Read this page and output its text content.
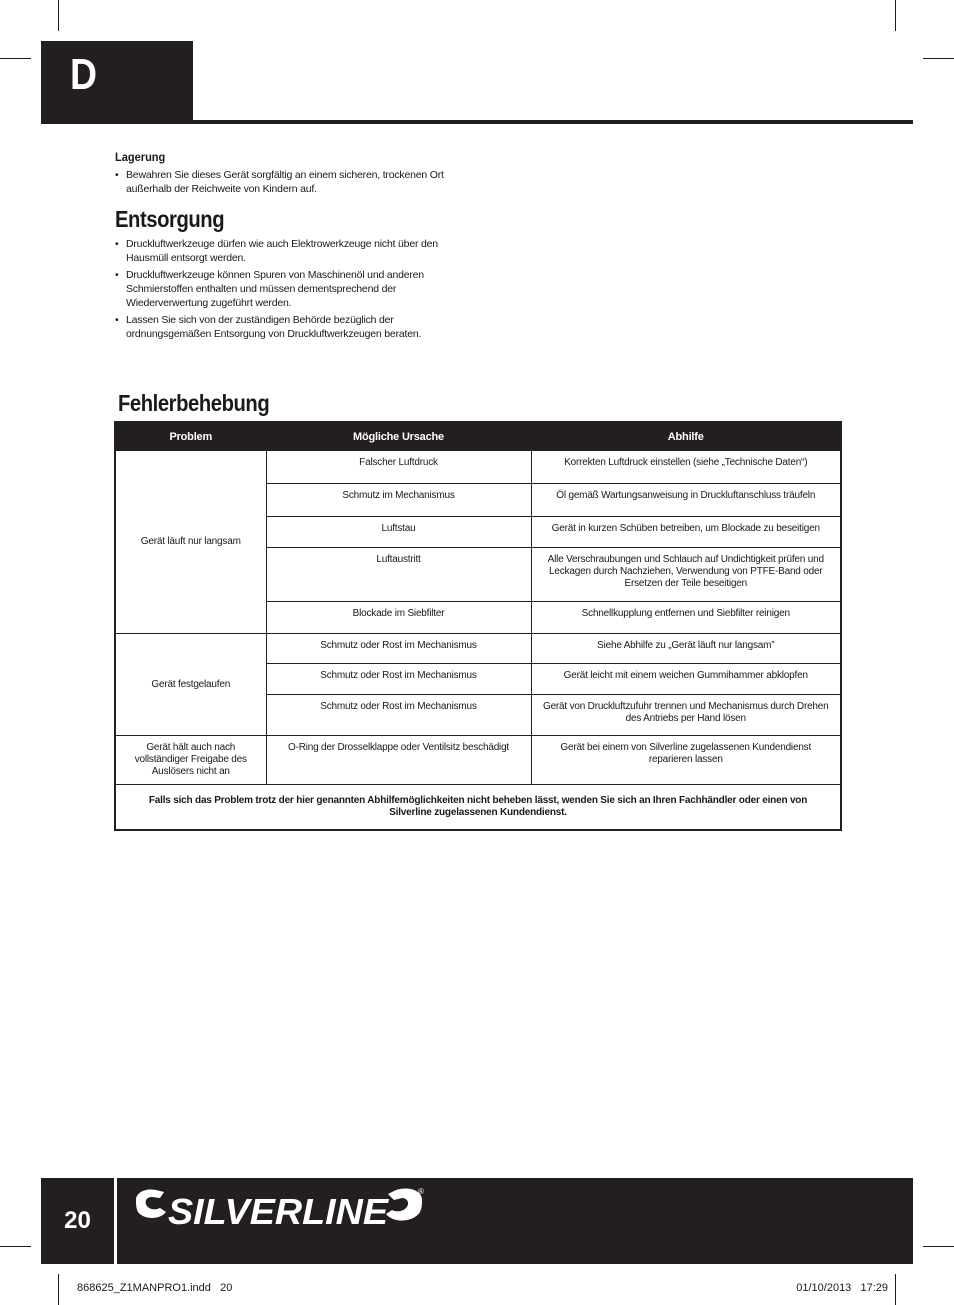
D

Lagerung

• Bewahren Sie dieses Gerät sorgfältig an einem sicheren, trockenen Ort außerhalb der Reichweite von Kindern auf.
Entsorgung
• Druckluftwerkzeuge dürfen wie auch Elektrowerkzeuge nicht über den Hausmüll entsorgt werden.
• Druckluftwerkzeuge können Spuren von Maschinenöl und anderen Schmierstoffen enthalten und müssen dementsprechend der Wiederverwertung zugeführt werden.
• Lassen Sie sich von der zuständigen Behörde bezüglich der ordnungsgemäßen Entsorgung von Druckluftwerkzeugen beraten.
Fehlerbehebung
Problem	Mögliche Ursache	Abhilfe
Gerät läuft nur langsam	Falscher Luftdruck	Korrekten Luftdruck einstellen (siehe „Technische Daten“)
	Schmutz im Mechanismus	Öl gemäß Wartungsanweisung in Druckluftanschluss träufeln
	Luftstau	Gerät in kurzen Schüben betreiben, um Blockade zu beseitigen
	Luftaustritt	Alle Verschraubungen und Schlauch auf Undichtigkeit prüfen und Leckagen durch Nachziehen, Verwendung von PTFE-Band oder Ersetzen der Teile beseitigen
	Blockade im Siebfilter	Schnellkupplung entfernen und Siebfilter reinigen
Gerät festgelaufen	Schmutz oder Rost im Mechanismus	Siehe Abhilfe zu „Gerät läuft nur langsam”
	Schmutz oder Rost im Mechanismus	Gerät leicht mit einem weichen Gummihammer abklopfen
	Schmutz oder Rost im Mechanismus	Gerät von Druckluftzufuhr trennen und Mechanismus durch Drehen des Antriebs per Hand lösen
Gerät hält auch nach vollständiger Freigabe des Auslösers nicht an	O-Ring der Drosselklappe oder Ventilsitz beschädigt	Gerät bei einem von Silverline zugelassenen Kundendienst reparieren lassen
Falls sich das Problem trotz der hier genannten Abhilfemöglichkeiten nicht beheben lässt, wenden Sie sich an Ihren Fachhändler oder einen von Silverline zugelassenen Kundendienst.		
20	SILVERLINE	®
868625_Z1MANPRO1.indd   20	01/10/2013   17:29
